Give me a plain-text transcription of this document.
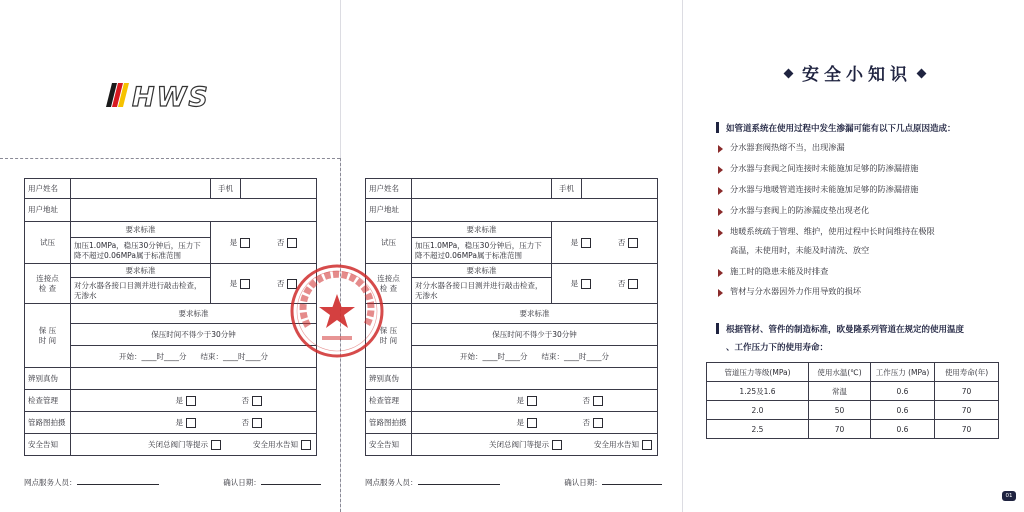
HWS
用户姓名		手机	
用户地址			
试压	要求标准	是 否	
	加压1.0MPa，稳压30分钟后，压力下降不超过0.06MPa属于标准范围		

连接点
检 查	要求标准	是 否	
	对分水器各接口目测并进行敲击检查，无渗水		

保 压
时 间	要求标准		
	保压时间不得少于30分钟		
	开始：____时____分 结束：____时____分		
辨别真伪			
检查管理	是 否		
管路图拍摄	是 否		
安全告知	关闭总阀门等提示 安全用水告知		
网点服务人员：	确认日期：
用户姓名		手机	
用户地址			
试压	要求标准	是 否	
	加压1.0MPa，稳压30分钟后，压力下降不超过0.06MPa属于标准范围		

连接点
检 查	要求标准	是 否	
	对分水器各接口目测并进行敲击检查，无渗水		

保 压
时 间	要求标准		
	保压时间不得少于30分钟		
	开始：____时____分 结束：____时____分		
辨别真伪			
检查管理	是 否		
管路图拍摄	是 否		
安全告知	关闭总阀门等提示 安全用水告知		
网点服务人员：	确认日期：
安全小知识
如管道系统在使用过程中发生渗漏可能有以下几点原因造成：
分水器套阀热熔不当，出现渗漏
分水器与套阀之间连接时未能施加足够的防渗漏措施
分水器与地暖管道连接时未能施加足够的防渗漏措施
分水器与套阀上的防渗漏皮垫出现老化
地暖系统疏于管理、维护，使用过程中长时间维持在极限
高温，未使用时，未能及时清洗、放空
施工时的隐患未能及时排查
管材与分水器因外力作用导致的损坏
根据管材、管件的制造标准，欧曼隆系列管道在规定的使用温度
、工作压力下的使用寿命：
管道压力等级(MPa)	使用水温(℃)	工作压力 (MPa)	使用寿命(年)
1.25及1.6	常温	0.6	70
2.0	50	0.6	70
2.5	70	0.6	70
01
